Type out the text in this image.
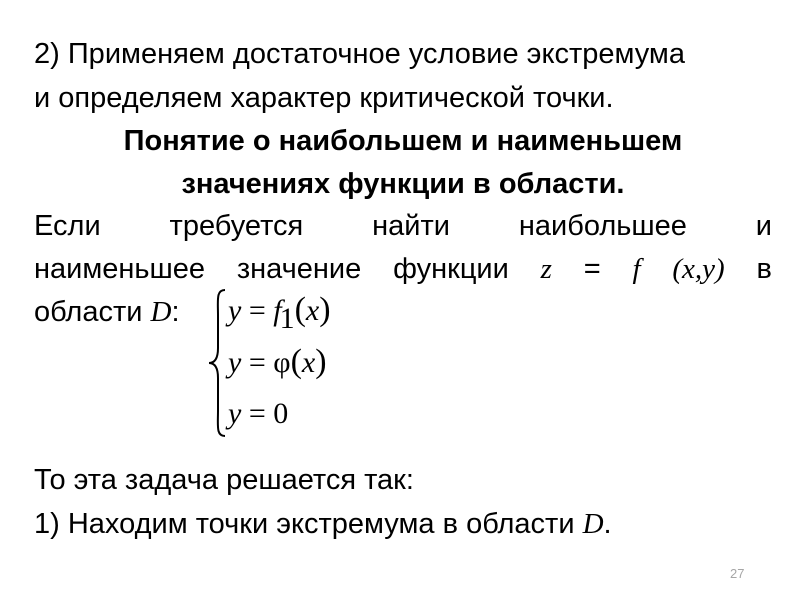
2) Применяем достаточное условие экстремума
и определяем характер критической точки.
Понятие о наибольшем и наименьшем
значениях функции в области.
Если требуется найти наибольшее и
наименьшее значение функции z = f (x,y) в
области D:	y = f1(x)
y = φ(x)
y = 0
То эта задача решается так:
1) Находим точки экстремума в области D.
27
